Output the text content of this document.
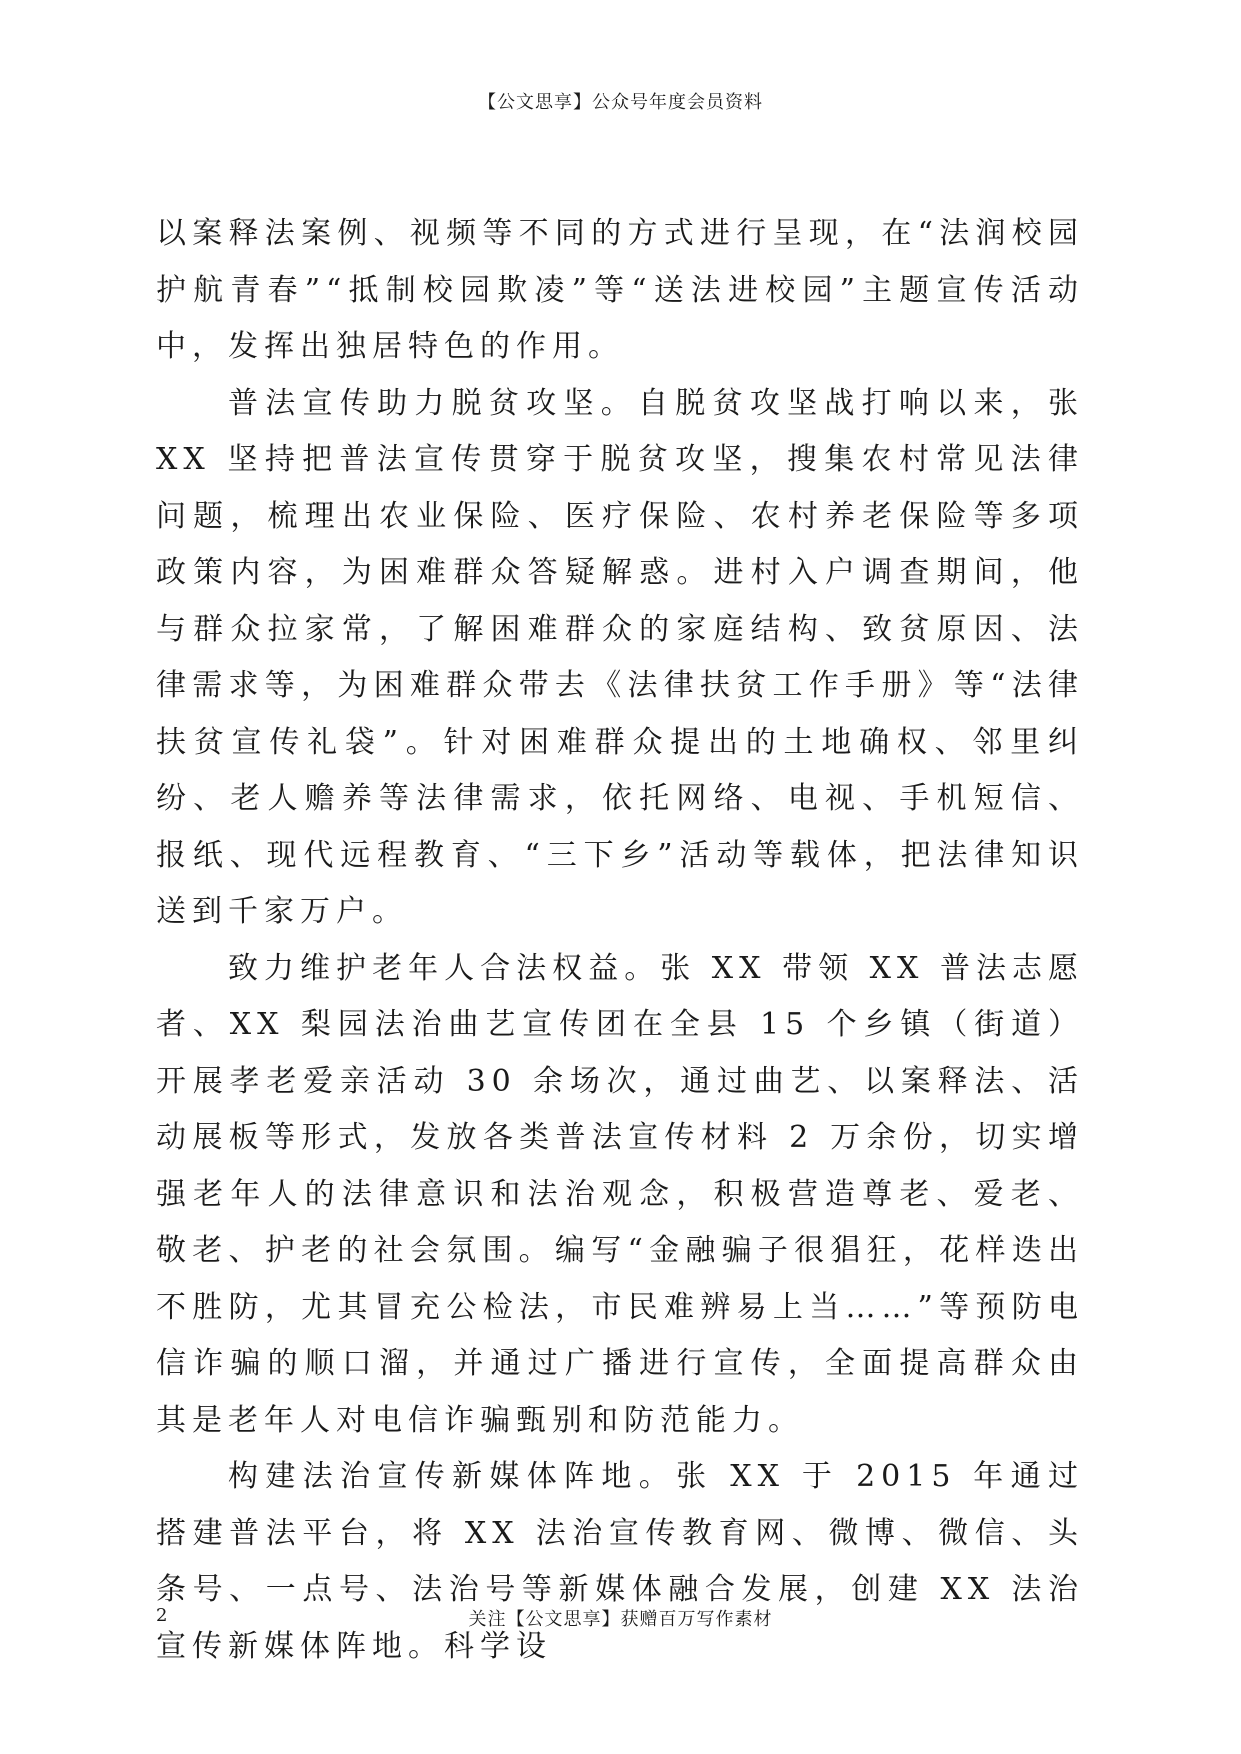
【公文思享】公众号年度会员资料

以案释法案例、视频等不同的方式进行呈现，在“法润校园护航青春”“抵制校园欺凌”等“送法进校园”主题宣传活动中，发挥出独居特色的作用。

普法宣传助力脱贫攻坚。自脱贫攻坚战打响以来，张 XX 坚持把普法宣传贯穿于脱贫攻坚，搜集农村常见法律问题，梳理出农业保险、医疗保险、农村养老保险等多项政策内容，为困难群众答疑解惑。进村入户调查期间，他与群众拉家常，了解困难群众的家庭结构、致贫原因、法律需求等，为困难群众带去《法律扶贫工作手册》等“法律扶贫宣传礼袋”。针对困难群众提出的土地确权、邻里纠纷、老人赡养等法律需求，依托网络、电视、手机短信、报纸、现代远程教育、“三下乡”活动等载体，把法律知识送到千家万户。

致力维护老年人合法权益。张 XX 带领 XX 普法志愿者、XX 梨园法治曲艺宣传团在全县 15 个乡镇（街道）开展孝老爱亲活动 30 余场次，通过曲艺、以案释法、活动展板等形式，发放各类普法宣传材料 2 万余份，切实增强老年人的法律意识和法治观念，积极营造尊老、爱老、敬老、护老的社会氛围。编写“金融骗子很猖狂，花样迭出不胜防，尤其冒充公检法，市民难辨易上当……”等预防电信诈骗的顺口溜，并通过广播进行宣传，全面提高群众由其是老年人对电信诈骗甄别和防范能力。

构建法治宣传新媒体阵地。张 XX 于 2015 年通过搭建普法平台，将 XX 法治宣传教育网、微博、微信、头条号、一点号、法治号等新媒体融合发展，创建 XX 法治宣传新媒体阵地。科学设

2	关注【公文思享】获赠百万写作素材
